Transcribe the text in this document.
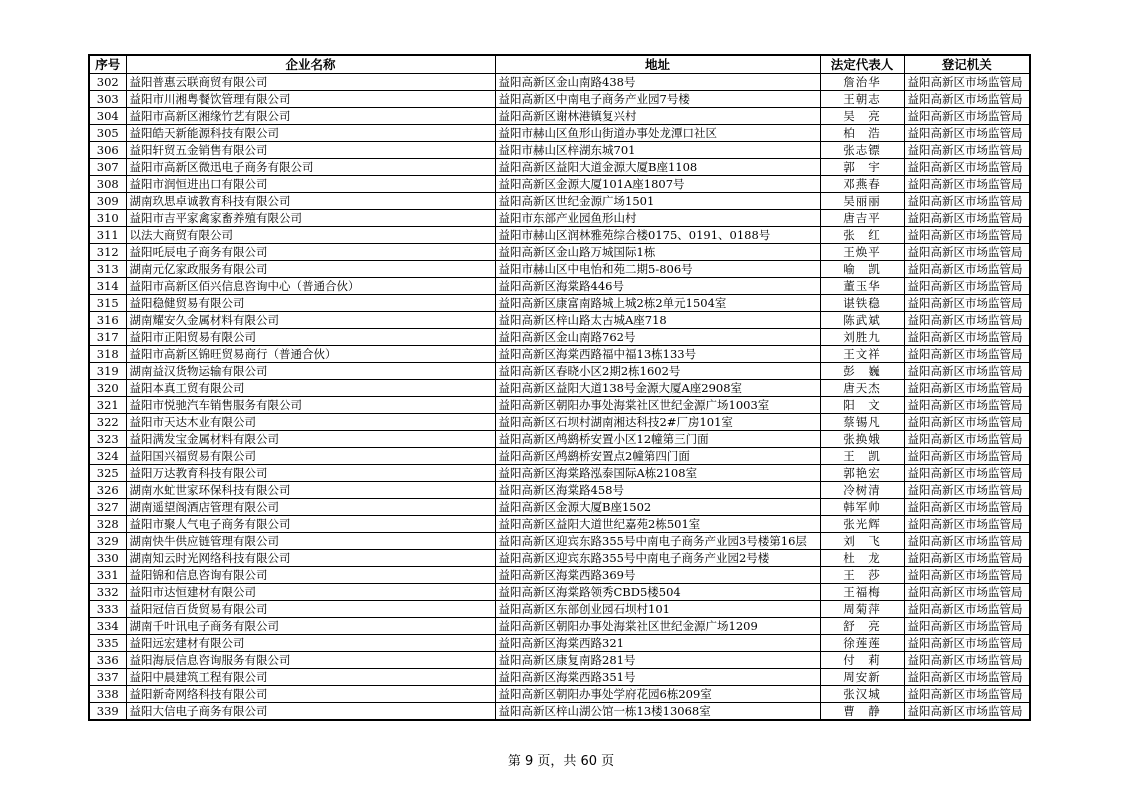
序号	企业名称	地址	法定代表人	登记机关
302	益阳普惠云联商贸有限公司	益阳高新区金山南路438号	詹治华	益阳高新区市场监管局
303	益阳市川湘粤餐饮管理有限公司	益阳高新区中南电子商务产业园7号楼	王朝志	益阳高新区市场监管局
304	益阳市高新区湘缘竹艺有限公司	益阳高新区谢林港镇复兴村	吴　亮	益阳高新区市场监管局
305	益阳皓天新能源科技有限公司	益阳市赫山区鱼形山街道办事处龙潭口社区	柏　浩	益阳高新区市场监管局
306	益阳轩贸五金销售有限公司	益阳市赫山区梓湖东城701	张志镖	益阳高新区市场监管局
307	益阳市高新区微迅电子商务有限公司	益阳高新区益阳大道金源大厦B座1108	郭　宇	益阳高新区市场监管局
308	益阳市润恒进出口有限公司	益阳高新区金源大厦101A座1807号	邓燕春	益阳高新区市场监管局
309	湖南玖思卓诚教育科技有限公司	益阳高新区世纪金源广场1501	吴丽丽	益阳高新区市场监管局
310	益阳市吉平家禽家畜养殖有限公司	益阳市东部产业园鱼形山村	唐吉平	益阳高新区市场监管局
311	以法大商贸有限公司	益阳市赫山区润林雅苑综合楼0175、0191、0188号	张　红	益阳高新区市场监管局
312	益阳吒辰电子商务有限公司	益阳高新区金山路万城国际1栋	王焕平	益阳高新区市场监管局
313	湖南元亿家政服务有限公司	益阳市赫山区中电怡和苑二期5-806号	喻　凯	益阳高新区市场监管局
314	益阳市高新区佰兴信息咨询中心（普通合伙）	益阳高新区海棠路446号	董玉华	益阳高新区市场监管局
315	益阳稳健贸易有限公司	益阳高新区康富南路城上城2栋2单元1504室	谌铁稳	益阳高新区市场监管局
316	湖南耀安久金属材料有限公司	益阳高新区梓山路太古城A座718	陈武斌	益阳高新区市场监管局
317	益阳市正阳贸易有限公司	益阳高新区金山南路762号	刘胜九	益阳高新区市场监管局
318	益阳市高新区锦旺贸易商行（普通合伙）	益阳高新区海棠西路福中福13栋133号	王文祥	益阳高新区市场监管局
319	湖南益汉货物运输有限公司	益阳高新区春晓小区2期2栋1602号	彭　巍	益阳高新区市场监管局
320	益阳本真工贸有限公司	益阳高新区益阳大道138号金源大厦A座2908室	唐天杰	益阳高新区市场监管局
321	益阳市悦驰汽车销售服务有限公司	益阳高新区朝阳办事处海棠社区世纪金源广场1003室	阳　文	益阳高新区市场监管局
322	益阳市天达木业有限公司	益阳高新区石坝村湖南湘达科技2#厂房101室	蔡锡凡	益阳高新区市场监管局
323	益阳满发宝金属材料有限公司	益阳高新区鸬鹚桥安置小区12幢第三门面	张换娥	益阳高新区市场监管局
324	益阳国兴福贸易有限公司	益阳高新区鸬鹚桥安置点2幢第四门面	王　凯	益阳高新区市场监管局
325	益阳万达教育科技有限公司	益阳高新区海棠路泓泰国际A栋2108室	郭艳宏	益阳高新区市场监管局
326	湖南水虻世家环保科技有限公司	益阳高新区海棠路458号	冷树清	益阳高新区市场监管局
327	湖南遥望阁酒店管理有限公司	益阳高新区金源大厦B座1502	韩军帅	益阳高新区市场监管局
328	益阳市聚人气电子商务有限公司	益阳高新区益阳大道世纪嘉苑2栋501室	张光辉	益阳高新区市场监管局
329	湖南快牛供应链管理有限公司	益阳高新区迎宾东路355号中南电子商务产业园3号楼第16层	刘　飞	益阳高新区市场监管局
330	湖南知云时光网络科技有限公司	益阳高新区迎宾东路355号中南电子商务产业园2号楼	杜　龙	益阳高新区市场监管局
331	益阳锦和信息咨询有限公司	益阳高新区海棠西路369号	王　莎	益阳高新区市场监管局
332	益阳市达恒建材有限公司	益阳高新区海棠路领秀CBD5楼504	王福梅	益阳高新区市场监管局
333	益阳冠信百货贸易有限公司	益阳高新区东部创业园石坝村101	周菊萍	益阳高新区市场监管局
334	湖南千叶讯电子商务有限公司	益阳高新区朝阳办事处海棠社区世纪金源广场1209	舒　亮	益阳高新区市场监管局
335	益阳远宏建材有限公司	益阳高新区海棠西路321	徐莲莲	益阳高新区市场监管局
336	益阳海辰信息咨询服务有限公司	益阳高新区康复南路281号	付　莉	益阳高新区市场监管局
337	益阳中晨建筑工程有限公司	益阳高新区海棠西路351号	周安新	益阳高新区市场监管局
338	益阳新奇网络科技有限公司	益阳高新区朝阳办事处学府花园6栋209室	张汉城	益阳高新区市场监管局
339	益阳大信电子商务有限公司	益阳高新区梓山湖公馆一栋13楼13068室	曹　静	益阳高新区市场监管局
第 9 页，共 60 页
